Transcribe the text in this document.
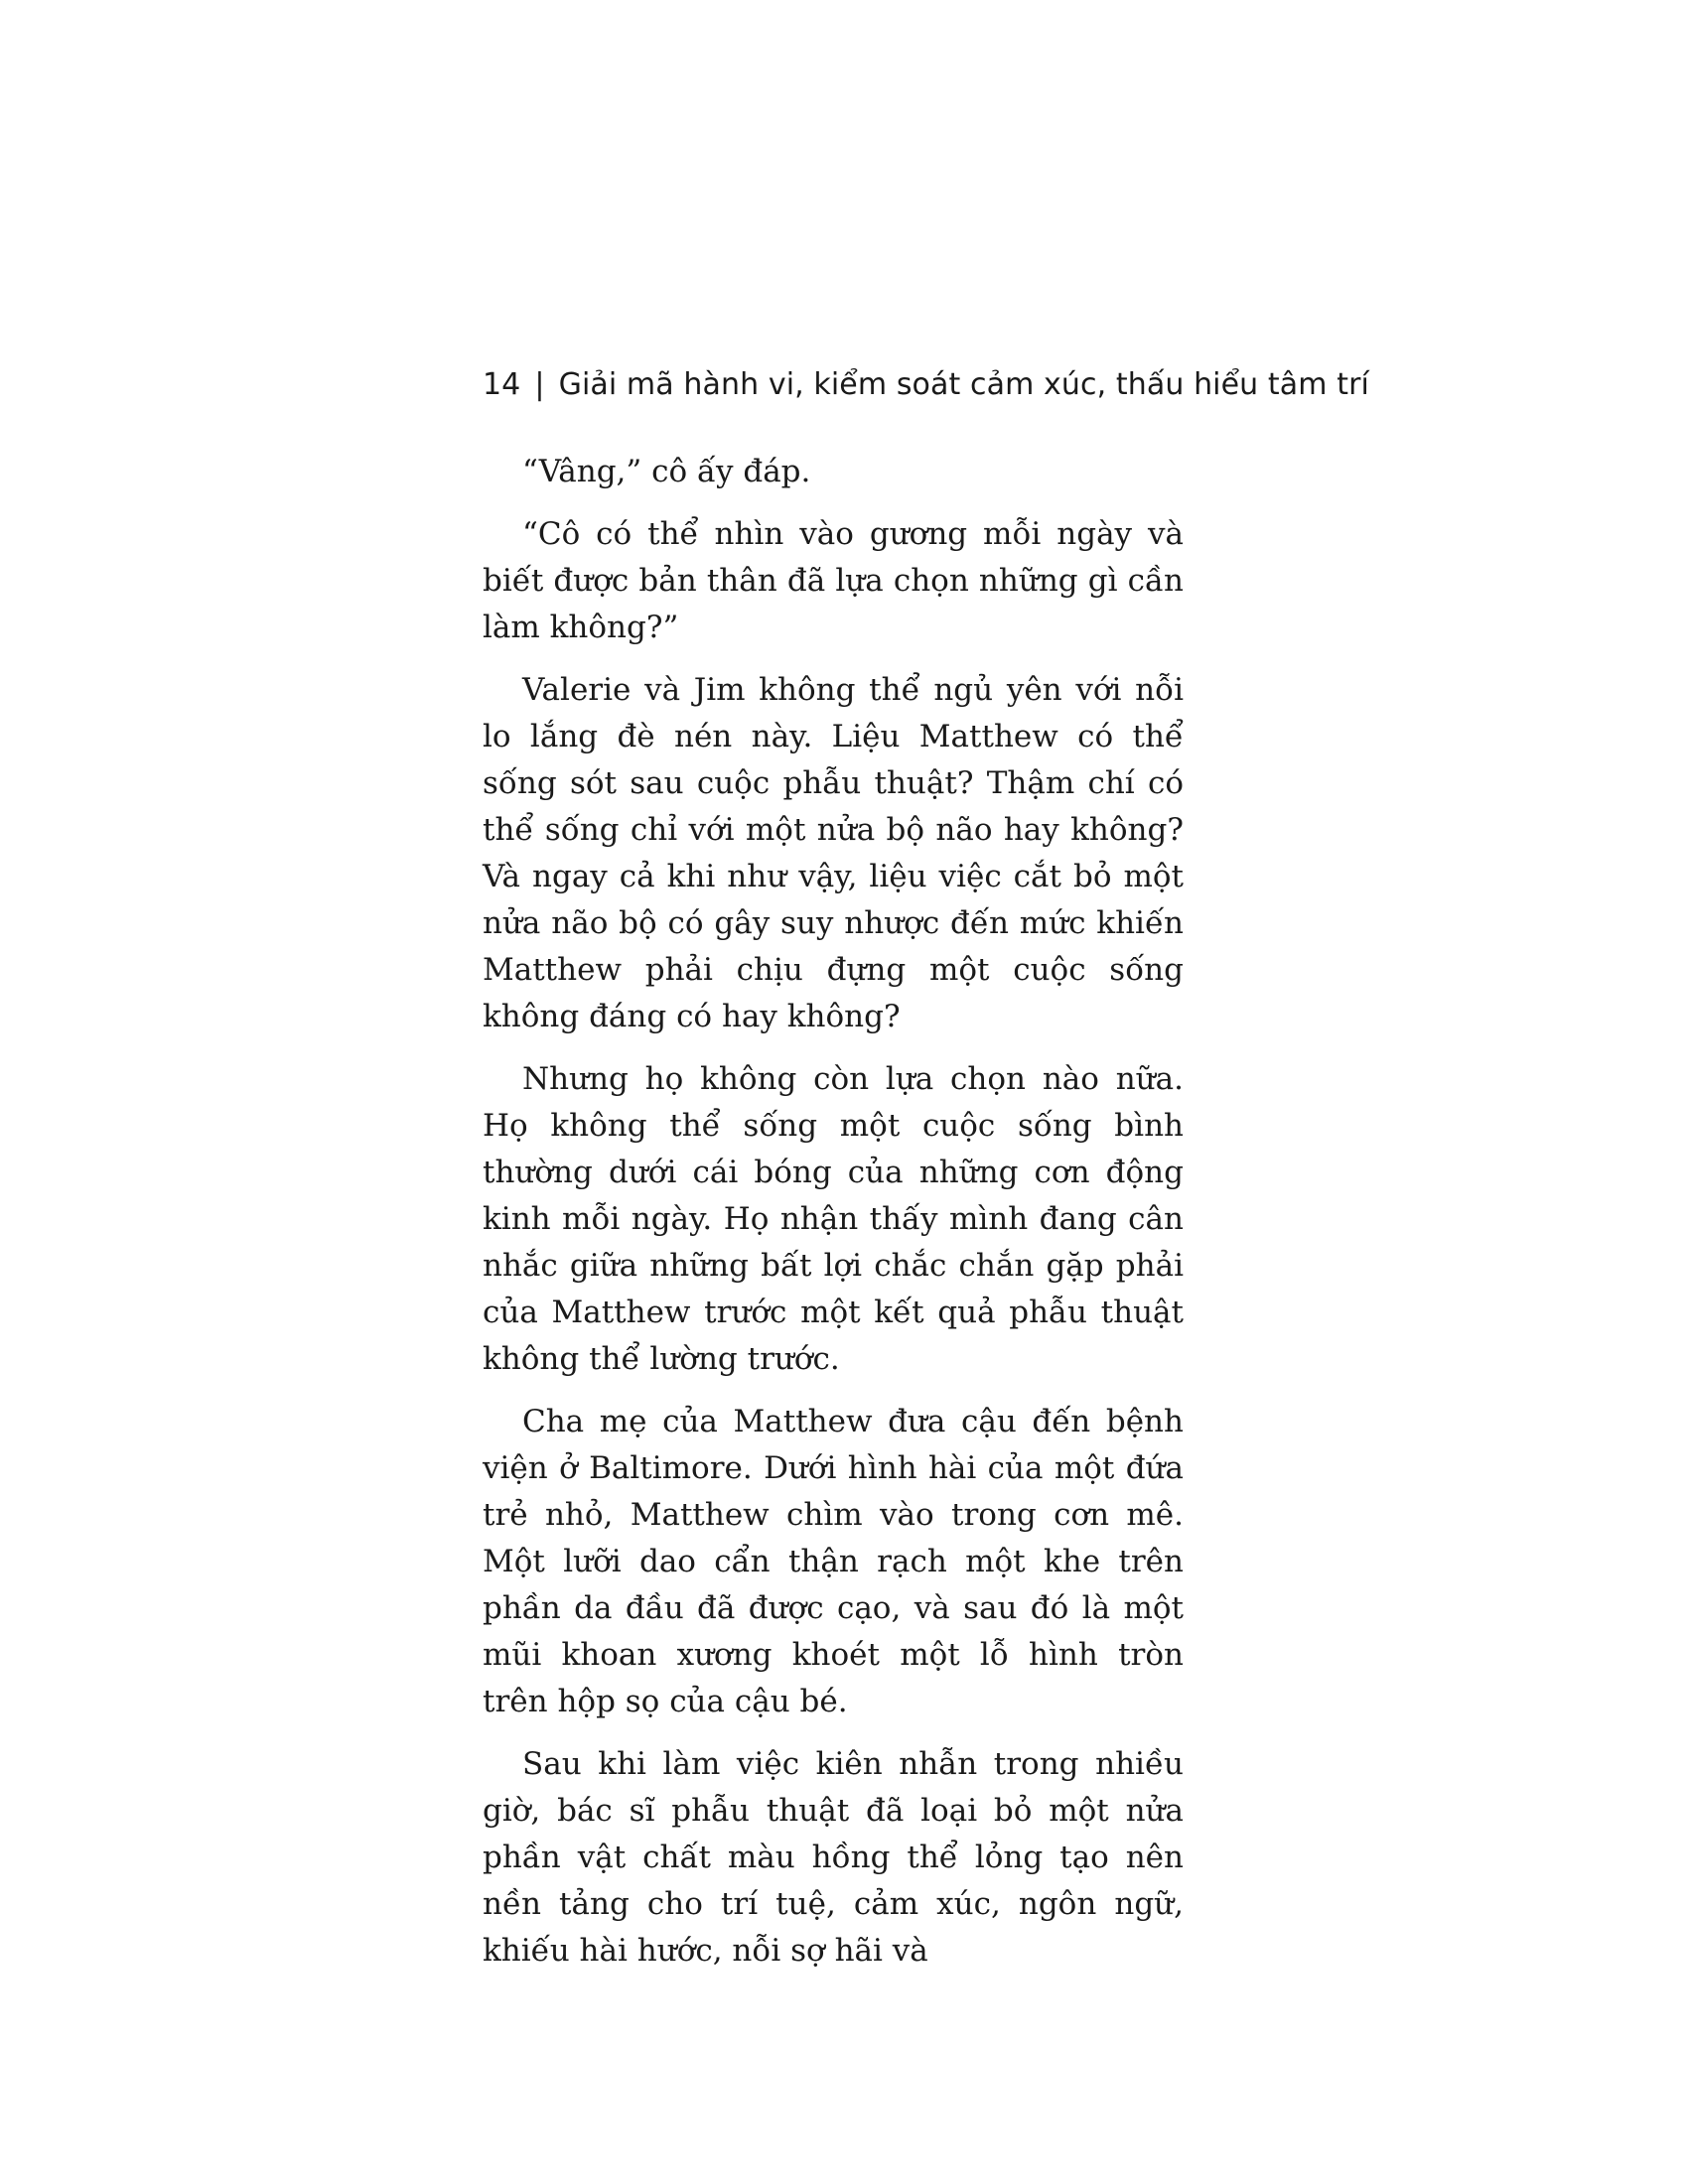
14 | Giải mã hành vi, kiểm soát cảm xúc, thấu hiểu tâm trí

“Vâng,” cô ấy đáp.

“Cô có thể nhìn vào gương mỗi ngày và biết được bản thân đã lựa chọn những gì cần làm không?”

Valerie và Jim không thể ngủ yên với nỗi lo lắng đè nén này. Liệu Matthew có thể sống sót sau cuộc phẫu thuật? Thậm chí có thể sống chỉ với một nửa bộ não hay không? Và ngay cả khi như vậy, liệu việc cắt bỏ một nửa não bộ có gây suy nhược đến mức khiến Matthew phải chịu đựng một cuộc sống không đáng có hay không?

Nhưng họ không còn lựa chọn nào nữa. Họ không thể sống một cuộc sống bình thường dưới cái bóng của những cơn động kinh mỗi ngày. Họ nhận thấy mình đang cân nhắc giữa những bất lợi chắc chắn gặp phải của Matthew trước một kết quả phẫu thuật không thể lường trước.

Cha mẹ của Matthew đưa cậu đến bệnh viện ở Baltimore. Dưới hình hài của một đứa trẻ nhỏ, Matthew chìm vào trong cơn mê. Một lưỡi dao cẩn thận rạch một khe trên phần da đầu đã được cạo, và sau đó là một mũi khoan xương khoét một lỗ hình tròn trên hộp sọ của cậu bé.

Sau khi làm việc kiên nhẫn trong nhiều giờ, bác sĩ phẫu thuật đã loại bỏ một nửa phần vật chất màu hồng thể lỏng tạo nên nền tảng cho trí tuệ, cảm xúc, ngôn ngữ, khiếu hài hước, nỗi sợ hãi và
